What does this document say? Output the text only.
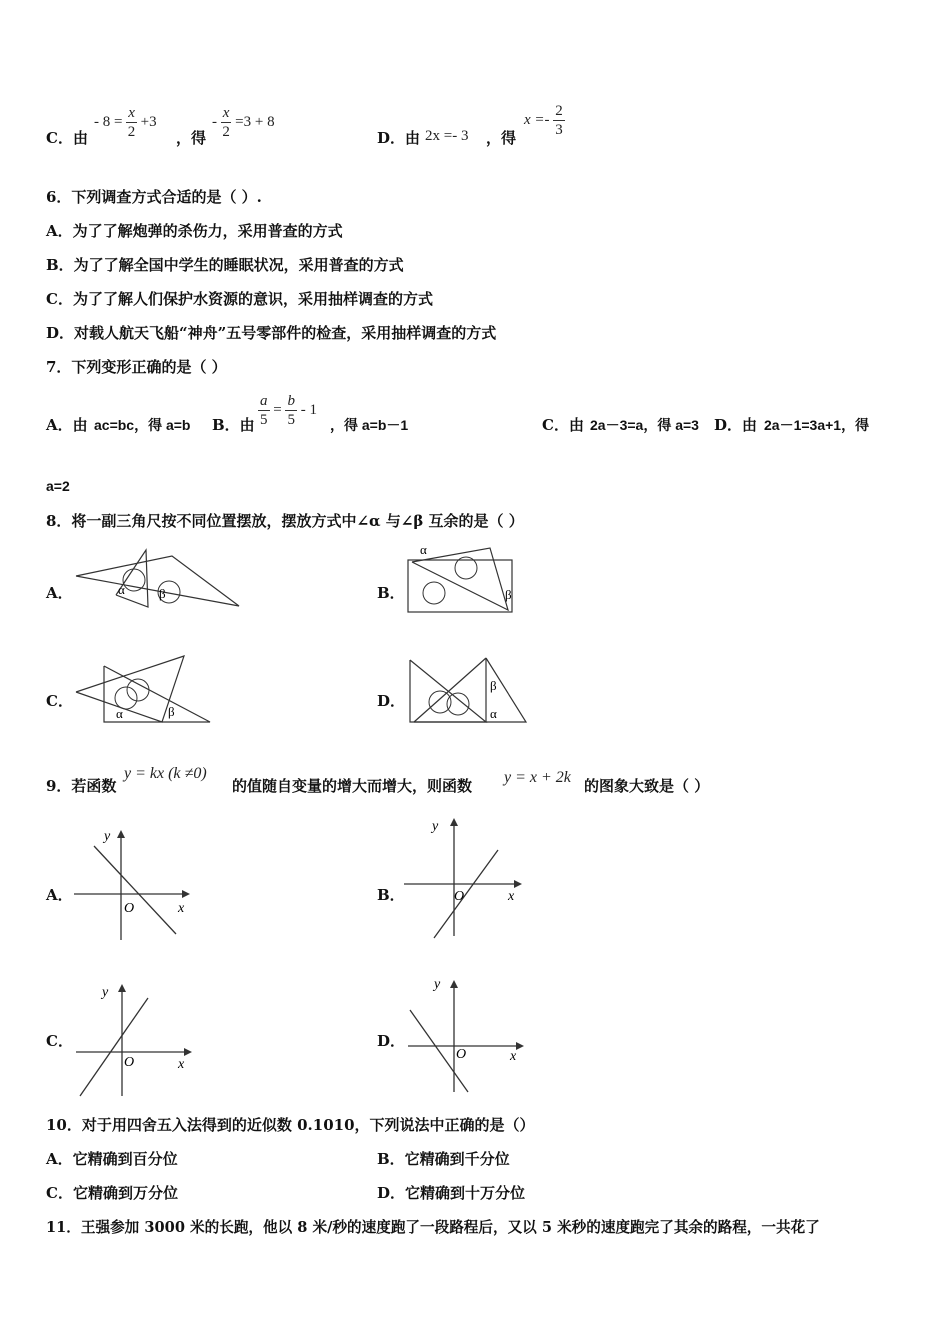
C．由
- $8 = \frac{x}{2} +3$
，得
- $\frac{x}{2} =3 + 8$
D．由 2x =- 3 ，得
$x =- \frac{2}{3}$
6．下列调查方式合适的是（ ）.
A．为了了解炮弹的杀伤力，采用普查的方式
B．为了了解全国中学生的睡眠状况，采用普查的方式
C．为了了解人们保护水资源的意识，采用抽样调查的方式
D．对载人航天飞船“神舟”五号零部件的检查，采用抽样调查的方式
7．下列变形正确的是（ ）
A．由 ac=bc，得 a=b B．由 $\frac{a}{5} = \frac{b}{5} - 1$
，得 a=b－1	C．由 2a－3=a，得 a=3 D．由 2a－1=3a+1，得
a=2
8．将一副三角尺按不同位置摆放，摆放方式中∠α 与∠β 互余的是（ ）
A．	α	β	B．
α
β
C．
α	β
D．
β
α
9．若函数
y = kx (k ≠0)
的值随自变量的增大而增大，则函数 y = x + 2k 的图象大致是（ ）
A．
y
x
O
B．
y
x
O
C．
y
x
O
D．
y
x
O
10．对于用四舍五入法得到的近似数 0.1010，下列说法中正确的是（）
A．它精确到百分位	B．它精确到千分位
C．它精确到万分位	D．它精确到十万分位
11．王强参加 3000 米的长跑，他以 8 米/秒的速度跑了一段路程后，又以 5 米秒的速度跑完了其余的路程，一共花了
